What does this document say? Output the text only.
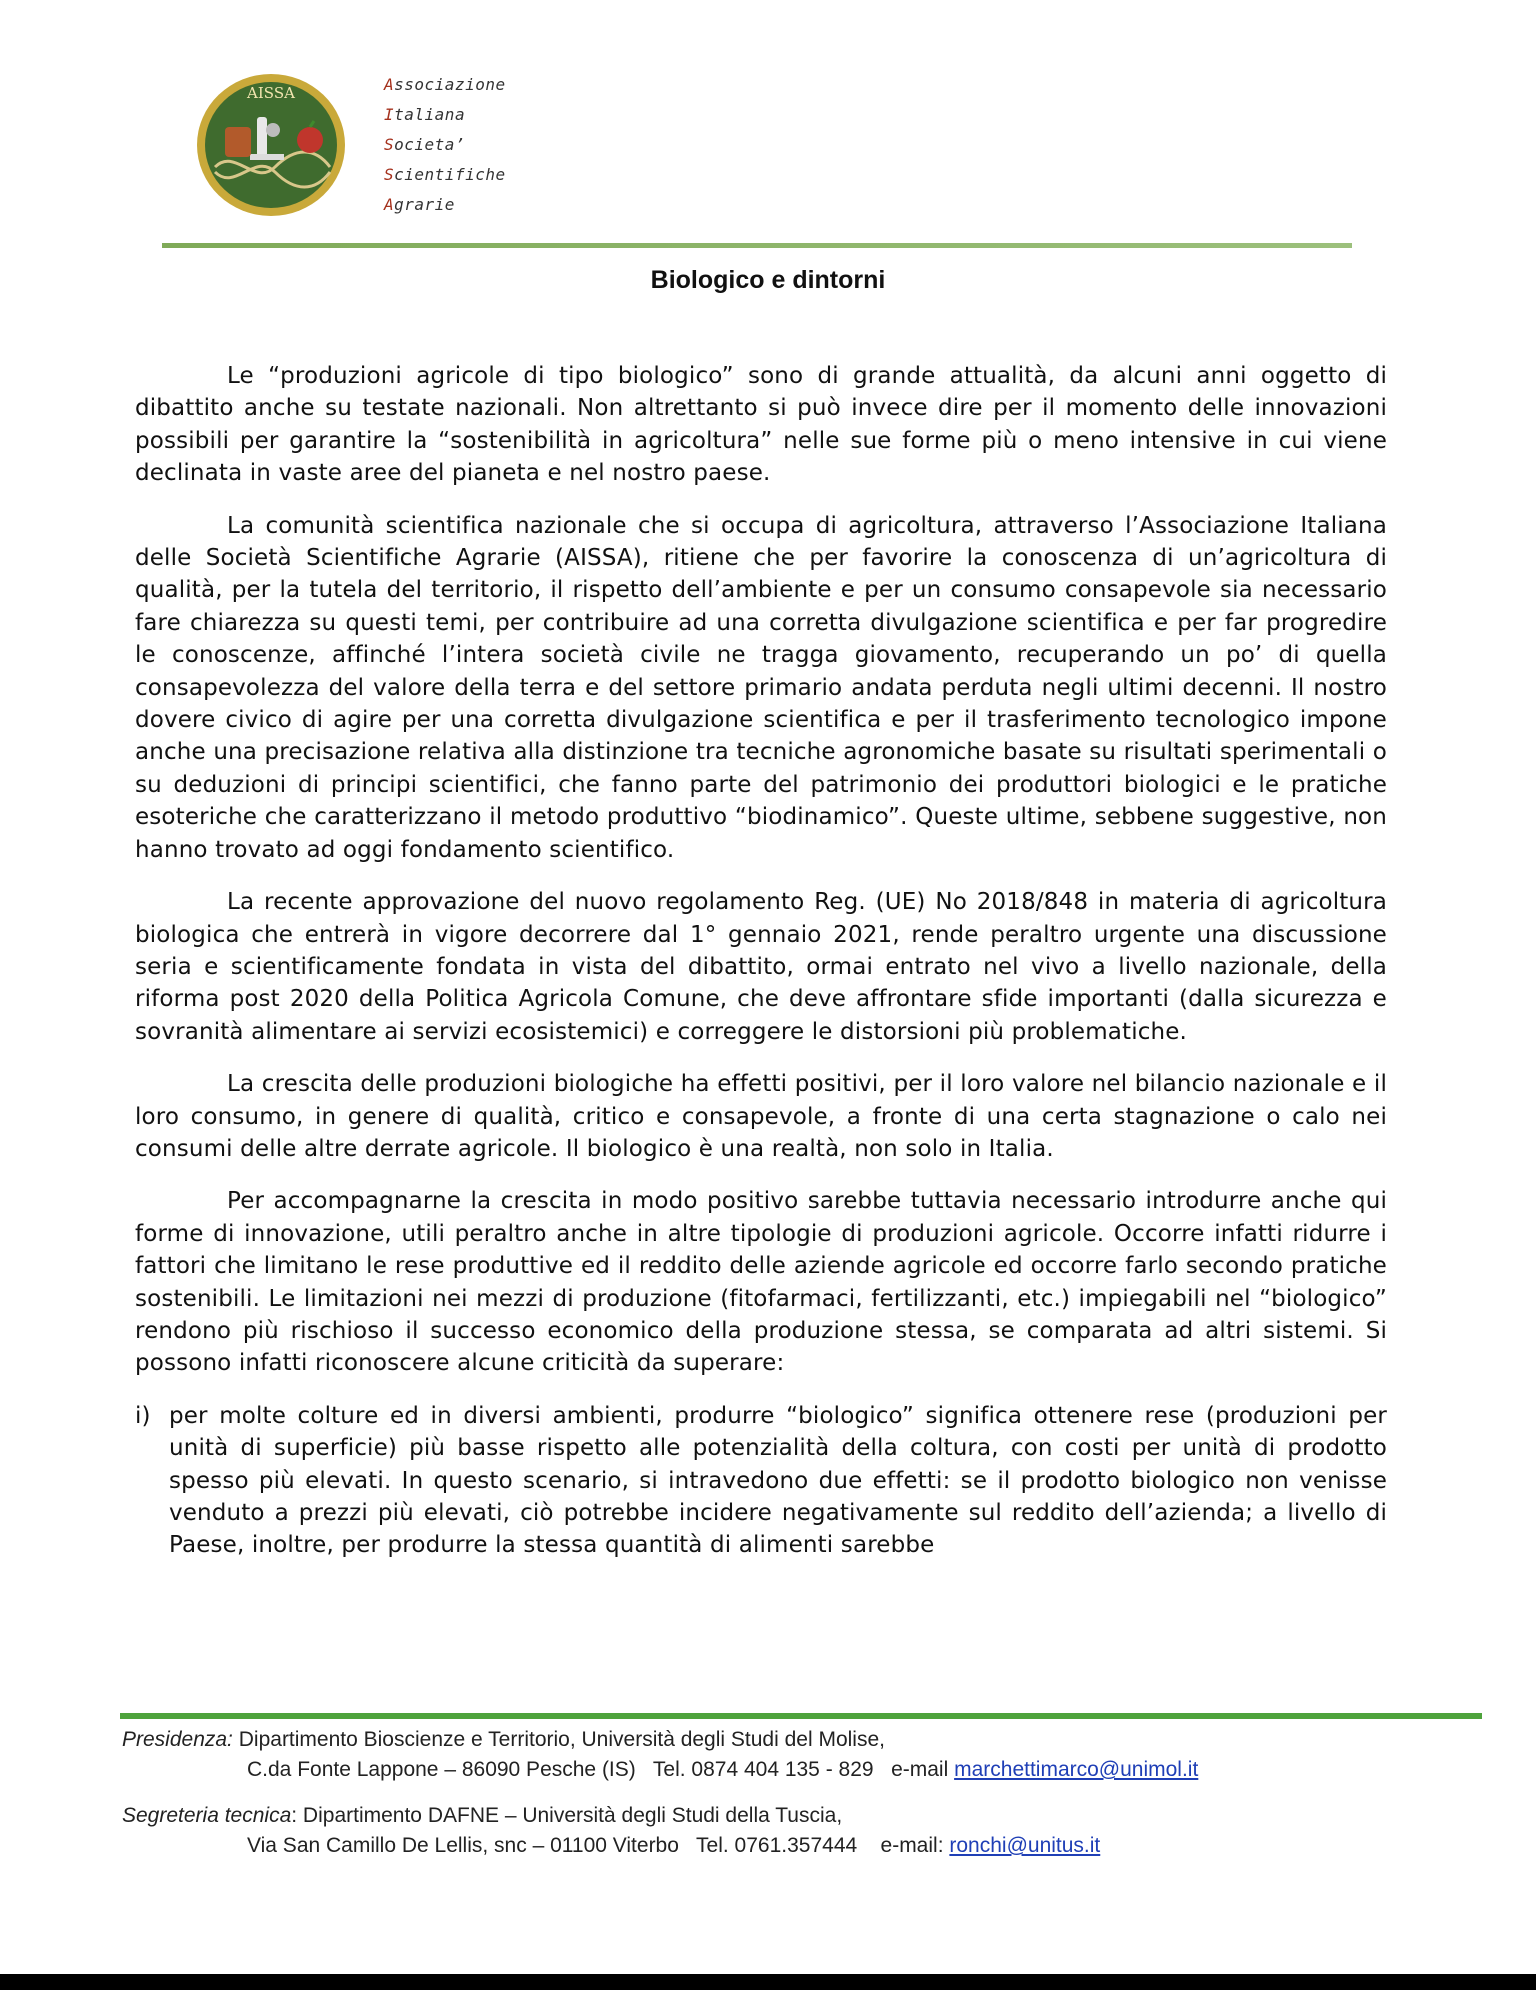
AISSA	Associazione
Italiana
Societa’
Scientifiche
Agrarie
Biologico e dintorni

Le “produzioni agricole di tipo biologico” sono di grande attualità, da alcuni anni oggetto di dibattito anche su testate nazionali. Non altrettanto si può invece dire per il momento delle innovazioni possibili per garantire la “sostenibilità in agricoltura” nelle sue forme più o meno intensive in cui viene declinata in vaste aree del pianeta e nel nostro paese.

La comunità scientifica nazionale che si occupa di agricoltura, attraverso l’Associazione Italiana delle Società Scientifiche Agrarie (AISSA), ritiene che per favorire la conoscenza di un’agricoltura di qualità, per la tutela del territorio, il rispetto dell’ambiente e per un consumo consapevole sia necessario fare chiarezza su questi temi, per contribuire ad una corretta divulgazione scientifica e per far progredire le conoscenze, affinché l’intera società civile ne tragga giovamento, recuperando un po’ di quella consapevolezza del valore della terra e del settore primario andata perduta negli ultimi decenni. Il nostro dovere civico di agire per una corretta divulgazione scientifica e per il trasferimento tecnologico impone anche una precisazione relativa alla distinzione tra tecniche agronomiche basate su risultati sperimentali o su deduzioni di principi scientifici, che fanno parte del patrimonio dei produttori biologici e le pratiche esoteriche che caratterizzano il metodo produttivo “biodinamico”. Queste ultime, sebbene suggestive, non hanno trovato ad oggi fondamento scientifico.

La recente approvazione del nuovo regolamento Reg. (UE) No 2018/848 in materia di agricoltura biologica che entrerà in vigore decorrere dal 1° gennaio 2021, rende peraltro urgente una discussione seria e scientificamente fondata in vista del dibattito, ormai entrato nel vivo a livello nazionale, della riforma post 2020 della Politica Agricola Comune, che deve affrontare sfide importanti (dalla sicurezza e sovranità alimentare ai servizi ecosistemici) e correggere le distorsioni più problematiche.

La crescita delle produzioni biologiche ha effetti positivi, per il loro valore nel bilancio nazionale e il loro consumo, in genere di qualità, critico e consapevole, a fronte di una certa stagnazione o calo nei consumi delle altre derrate agricole. Il biologico è una realtà, non solo in Italia.

Per accompagnarne la crescita in modo positivo sarebbe tuttavia necessario introdurre anche qui forme di innovazione, utili peraltro anche in altre tipologie di produzioni agricole. Occorre infatti ridurre i fattori che limitano le rese produttive ed il reddito delle aziende agricole ed occorre farlo secondo pratiche sostenibili. Le limitazioni nei mezzi di produzione (fitofarmaci, fertilizzanti, etc.) impiegabili nel “biologico” rendono più rischioso il successo economico della produzione stessa, se comparata ad altri sistemi. Si possono infatti riconoscere alcune criticità da superare:

i) per molte colture ed in diversi ambienti, produrre “biologico” significa ottenere rese (produzioni per unità di superficie) più basse rispetto alle potenzialità della coltura, con costi per unità di prodotto spesso più elevati. In questo scenario, si intravedono due effetti: se il prodotto biologico non venisse venduto a prezzi più elevati, ciò potrebbe incidere negativamente sul reddito dell’azienda; a livello di Paese, inoltre, per produrre la stessa quantità di alimenti sarebbe
Presidenza: Dipartimento Bioscienze e Territorio, Università degli Studi del Molise,
C.da Fonte Lappone – 86090 Pesche (IS)   Tel. 0874 404 135 - 829   e-mail marchettimarco@unimol.it
Segreteria tecnica: Dipartimento DAFNE – Università degli Studi della Tuscia,
Via San Camillo De Lellis, snc – 01100 Viterbo   Tel. 0761.357444    e-mail: ronchi@unitus.it
